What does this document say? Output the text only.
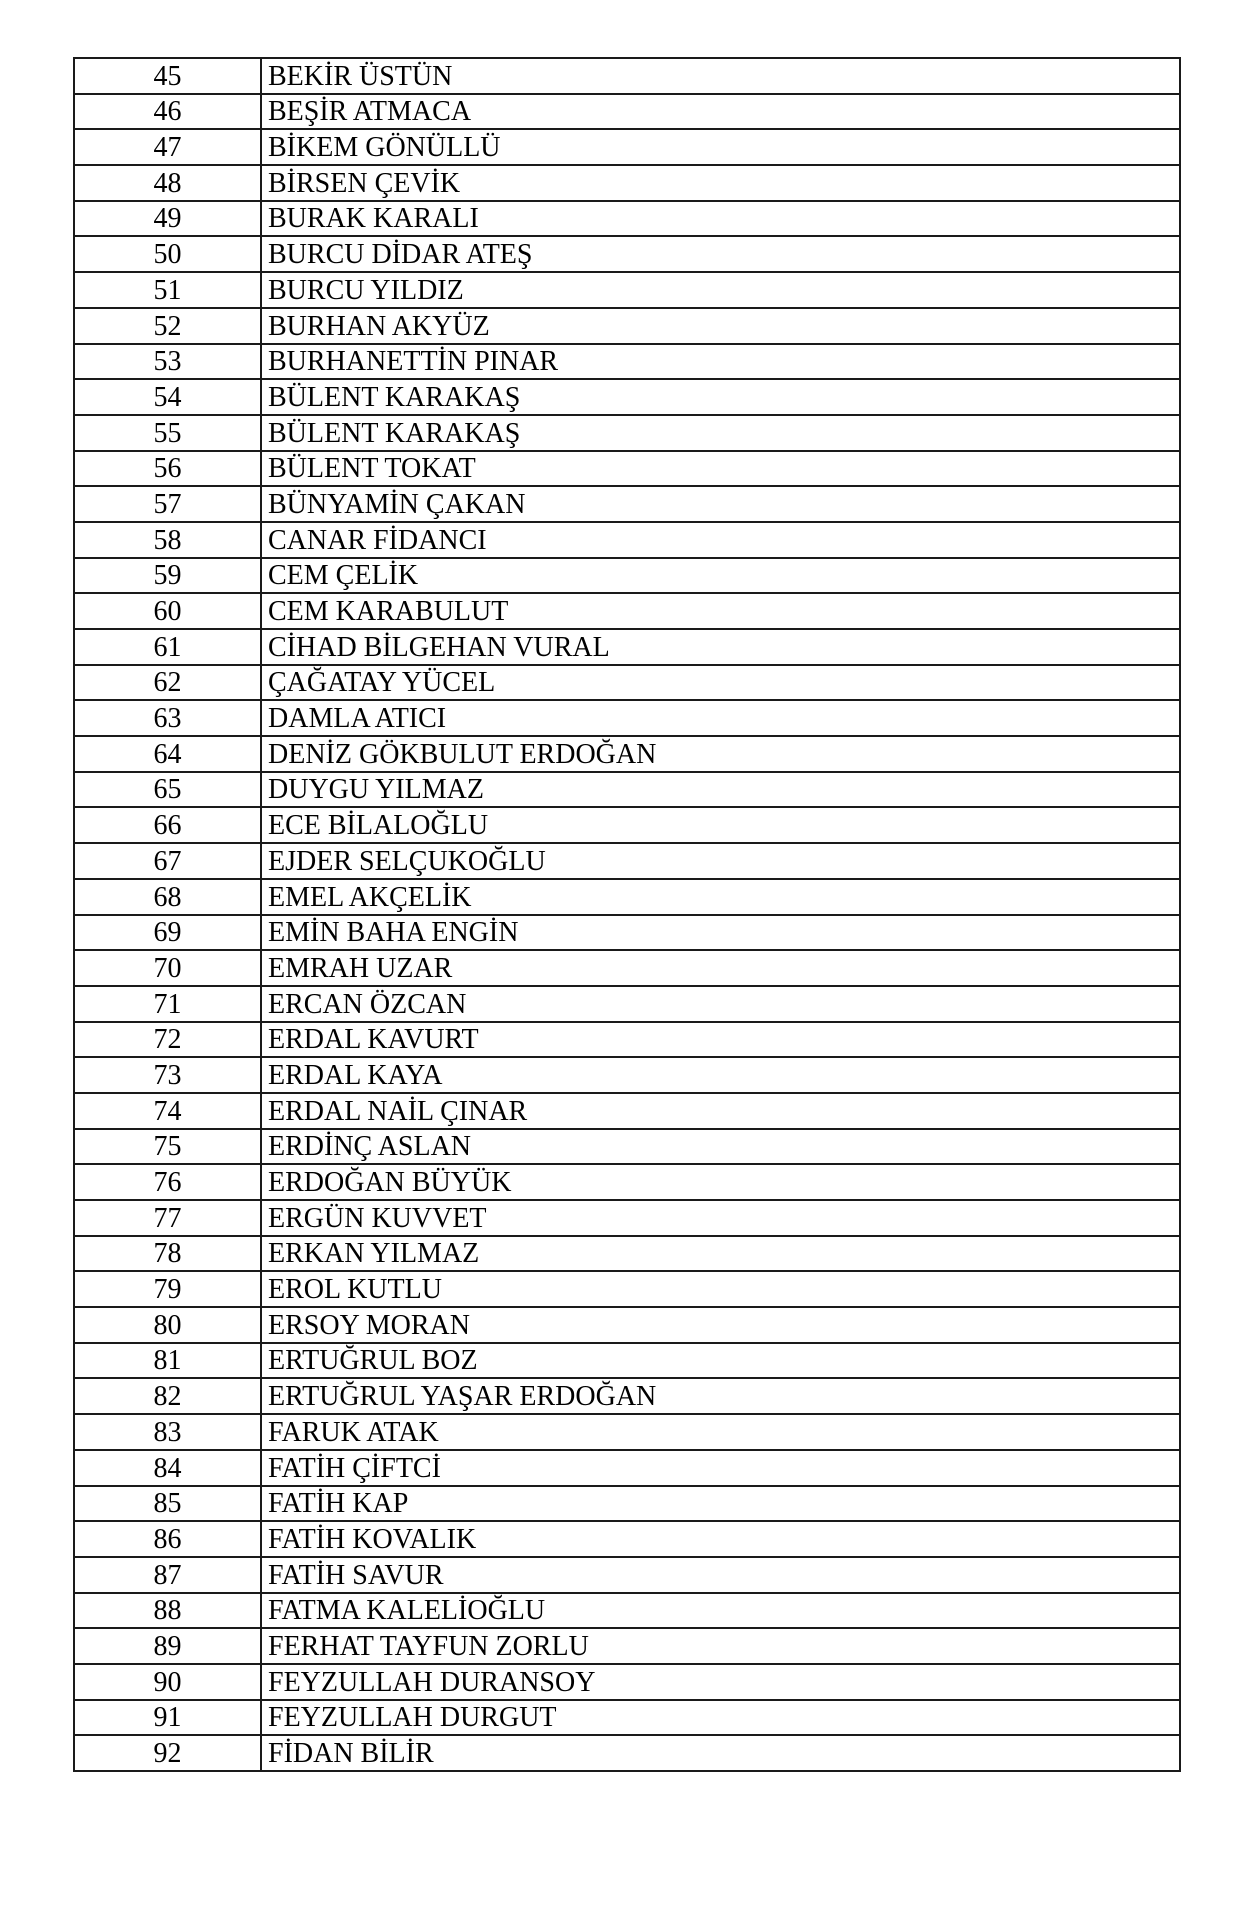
45	BEKİR ÜSTÜN
46	BEŞİR ATMACA
47	BİKEM GÖNÜLLÜ
48	BİRSEN ÇEVİK
49	BURAK KARALI
50	BURCU DİDAR ATEŞ
51	BURCU YILDIZ
52	BURHAN AKYÜZ
53	BURHANETTİN PINAR
54	BÜLENT KARAKAŞ
55	BÜLENT KARAKAŞ
56	BÜLENT TOKAT
57	BÜNYAMİN ÇAKAN
58	CANAR FİDANCI
59	CEM ÇELİK
60	CEM KARABULUT
61	CİHAD BİLGEHAN VURAL
62	ÇAĞATAY YÜCEL
63	DAMLA ATICI
64	DENİZ GÖKBULUT ERDOĞAN
65	DUYGU YILMAZ
66	ECE BİLALOĞLU
67	EJDER SELÇUKOĞLU
68	EMEL AKÇELİK
69	EMİN BAHA ENGİN
70	EMRAH UZAR
71	ERCAN ÖZCAN
72	ERDAL KAVURT
73	ERDAL KAYA
74	ERDAL NAİL ÇINAR
75	ERDİNÇ ASLAN
76	ERDOĞAN BÜYÜK
77	ERGÜN KUVVET
78	ERKAN YILMAZ
79	EROL KUTLU
80	ERSOY MORAN
81	ERTUĞRUL BOZ
82	ERTUĞRUL YAŞAR ERDOĞAN
83	FARUK ATAK
84	FATİH ÇİFTCİ
85	FATİH KAP
86	FATİH KOVALIK
87	FATİH SAVUR
88	FATMA KALELİOĞLU
89	FERHAT TAYFUN ZORLU
90	FEYZULLAH DURANSOY
91	FEYZULLAH DURGUT
92	FİDAN BİLİR
